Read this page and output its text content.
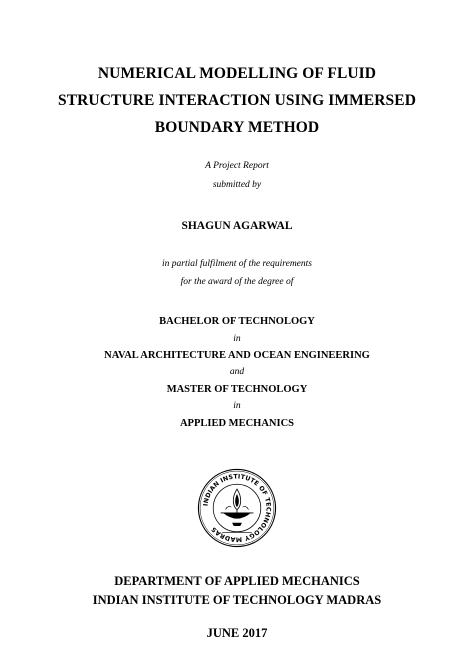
NUMERICAL MODELLING OF FLUID
STRUCTURE INTERACTION USING IMMERSED
BOUNDARY METHOD
A Project Report
submitted by
SHAGUN AGARWAL
in partial fulfilment of the requirements
for the award of the degree of
BACHELOR OF TECHNOLOGY
in
NAVAL ARCHITECTURE AND OCEAN ENGINEERING
and
MASTER OF TECHNOLOGY
in
APPLIED MECHANICS
INDIAN INSTITUTE OF TECHNOLOGY MADRAS
DEPARTMENT OF APPLIED MECHANICS
INDIAN INSTITUTE OF TECHNOLOGY MADRAS
JUNE 2017
